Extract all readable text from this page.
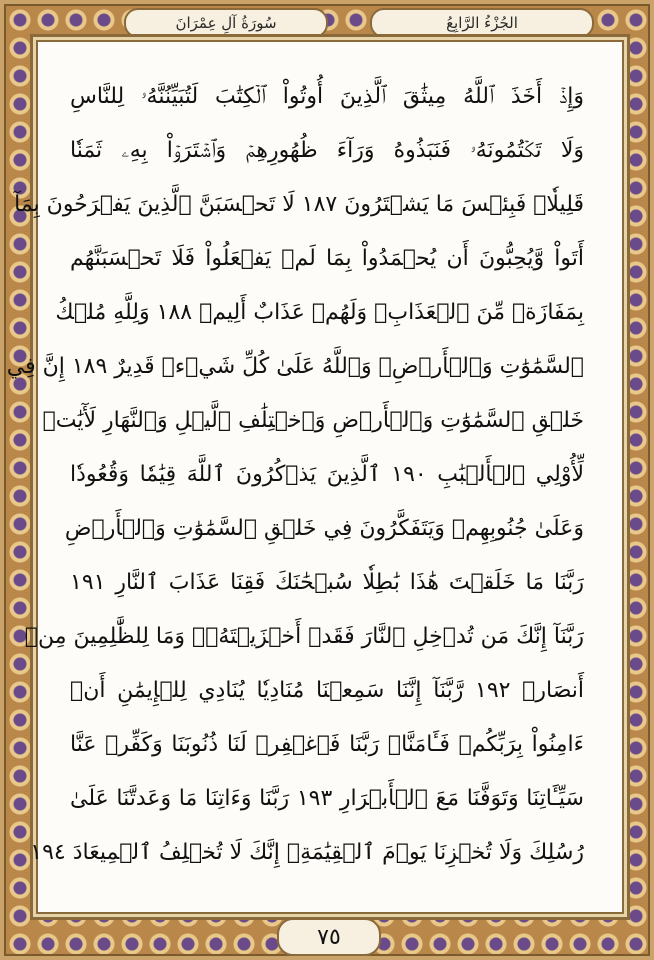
سُورَةُ آلِ عِمْرَانَ	الجُزْءُ الرَّابِعُ
وَإِذۡ أَخَذَ ٱللَّهُ مِيثَٰقَ ٱلَّذِينَ أُوتُواْ ٱلۡكِتَٰبَ لَتُبَيِّنُنَّهُۥ لِلنَّاسِ
وَلَا تَكۡتُمُونَهُۥ فَنَبَذُوهُ وَرَآءَ ظُهُورِهِمۡ وَٱشۡتَرَوۡاْ بِهِۦ ثَمَنٗا
قَلِيلٗاۖ فَبِئۡسَ مَا يَشۡتَرُونَ ١٨٧ لَا تَحۡسَبَنَّ ٱلَّذِينَ يَفۡرَحُونَ بِمَآ
أَتَواْ وَّيُحِبُّونَ أَن يُحۡمَدُواْ بِمَا لَمۡ يَفۡعَلُواْ فَلَا تَحۡسَبَنَّهُم
بِمَفَازَةٖ مِّنَ ٱلۡعَذَابِۖ وَلَهُمۡ عَذَابٌ أَلِيمٞ ١٨٨ وَلِلَّهِ مُلۡكُ
ٱلسَّمَٰوَٰتِ وَٱلۡأَرۡضِۗ وَٱللَّهُ عَلَىٰ كُلِّ شَيۡءٖ قَدِيرٌ ١٨٩ إِنَّ فِي
خَلۡقِ ٱلسَّمَٰوَٰتِ وَٱلۡأَرۡضِ وَٱخۡتِلَٰفِ ٱلَّيۡلِ وَٱلنَّهَارِ لَأٓيَٰتٖ
لِّأُوْلِي ٱلۡأَلۡبَٰبِ ١٩٠ ٱلَّذِينَ يَذۡكُرُونَ ٱللَّهَ قِيَٰمٗا وَقُعُودٗا
وَعَلَىٰ جُنُوبِهِمۡ وَيَتَفَكَّرُونَ فِي خَلۡقِ ٱلسَّمَٰوَٰتِ وَٱلۡأَرۡضِ
رَبَّنَا مَا خَلَقۡتَ هَٰذَا بَٰطِلٗا سُبۡحَٰنَكَ فَقِنَا عَذَابَ ٱلنَّارِ ١٩١
رَبَّنَآ إِنَّكَ مَن تُدۡخِلِ ٱلنَّارَ فَقَدۡ أَخۡزَيۡتَهُۥۖ وَمَا لِلظَّٰلِمِينَ مِنۡ
أَنصَارٖ ١٩٢ رَّبَّنَآ إِنَّنَا سَمِعۡنَا مُنَادِيٗا يُنَادِي لِلۡإِيمَٰنِ أَنۡ
ءَامِنُواْ بِرَبِّكُمۡ فَـَٔامَنَّاۚ رَبَّنَا فَٱغۡفِرۡ لَنَا ذُنُوبَنَا وَكَفِّرۡ عَنَّا
سَيِّـَٔاتِنَا وَتَوَفَّنَا مَعَ ٱلۡأَبۡرَارِ ١٩٣ رَبَّنَا وَءَاتِنَا مَا وَعَدتَّنَا عَلَىٰ
رُسُلِكَ وَلَا تُخۡزِنَا يَوۡمَ ٱلۡقِيَٰمَةِۗ إِنَّكَ لَا تُخۡلِفُ ٱلۡمِيعَادَ ١٩٤
٧٥
